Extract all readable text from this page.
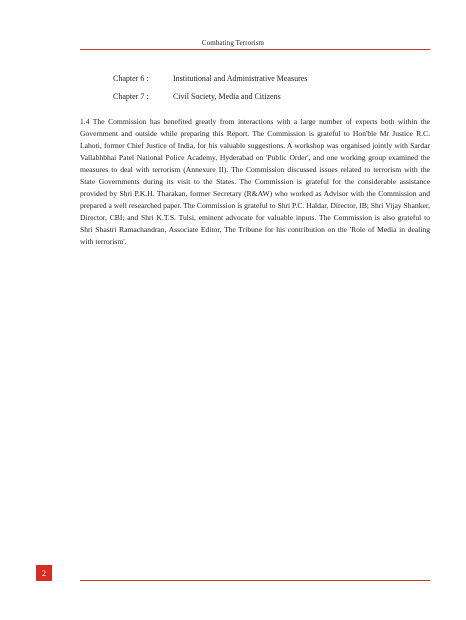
Combating Terrorism
Chapter 6 :	Institutional and Administrative Measures
Chapter 7 :	Civil Society, Media and Citizens

1.4 The Commission has benefited greatly from interactions with a large number of experts both within the Government and outside while preparing this Report. The Commission is grateful to Hon'ble Mr Justice R.C. Lahoti, former Chief Justice of India, for his valuable suggestions. A workshop was organised jointly with Sardar Vallabhbhai Patel National Police Academy, Hyderabad on 'Public Order', and one working group examined the measures to deal with terrorism (Annexure II). The Commission discussed issues related to terrorism with the State Governments during its visit to the States. The Commission is grateful for the considerable assistance provided by Shri P.K.H. Tharakan, former Secretary (R&AW) who worked as Advisor with the Commission and prepared a well researched paper. The Commission is grateful to Shri P.C. Haldar, Director, IB; Shri Vijay Shanker, Director, CBI; and Shri K.T.S. Tulsi, eminent advocate for valuable inputs. The Commission is also grateful to Shri Shastri Ramachandran, Associate Editor, The Tribune for his contribution on the 'Role of Media in dealing with terrorism'.

2
